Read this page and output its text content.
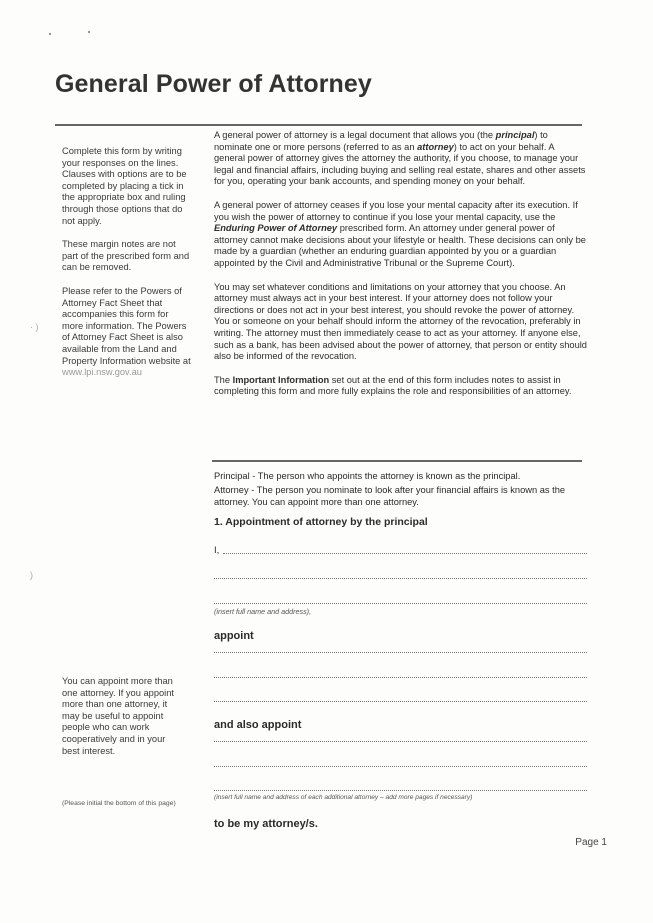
· )
)
General Power of Attorney

Complete this form by writing your responses on the lines. Clauses with options are to be completed by placing a tick in the appropriate box and ruling through those options that do not apply.

These margin notes are not part of the prescribed form and can be removed.

Please refer to the Powers of Attorney Fact Sheet that accompanies this form for more information. The Powers of Attorney Fact Sheet is also available from the Land and Property Information website at www.lpi.nsw.gov.au

You can appoint more than one attorney. If you appoint more than one attorney, it may be useful to appoint people who can work cooperatively and in your best interest.

A general power of attorney is a legal document that allows you (the principal) to nominate one or more persons (referred to as an attorney) to act on your behalf. A general power of attorney gives the attorney the authority, if you choose, to manage your legal and financial affairs, including buying and selling real estate, shares and other assets for you, operating your bank accounts, and spending money on your behalf.

A general power of attorney ceases if you lose your mental capacity after its execution. If you wish the power of attorney to continue if you lose your mental capacity, use the Enduring Power of Attorney prescribed form. An attorney under general power of attorney cannot make decisions about your lifestyle or health. These decisions can only be made by a guardian (whether an enduring guardian appointed by you or a guardian appointed by the Civil and Administrative Tribunal or the Supreme Court).

You may set whatever conditions and limitations on your attorney that you choose. An attorney must always act in your best interest. If your attorney does not follow your directions or does not act in your best interest, you should revoke the power of attorney. You or someone on your behalf should inform the attorney of the revocation, preferably in writing. The attorney must then immediately cease to act as your attorney. If anyone else, such as a bank, has been advised about the power of attorney, that person or entity should also be informed of the revocation.

The Important Information set out at the end of this form includes notes to assist in completing this form and more fully explains the role and responsibilities of an attorney.

Principal - The person who appoints the attorney is known as the principal.

Attorney - The person you nominate to look after your financial affairs is known as the attorney. You can appoint more than one attorney.

1. Appointment of attorney by the principal
I,
(insert full name and address),
appoint
and also appoint
(insert full name and address of each additional attorney – add more pages if necessary)
to be my attorney/s.
(Please initial the bottom of this page)
Page 1
